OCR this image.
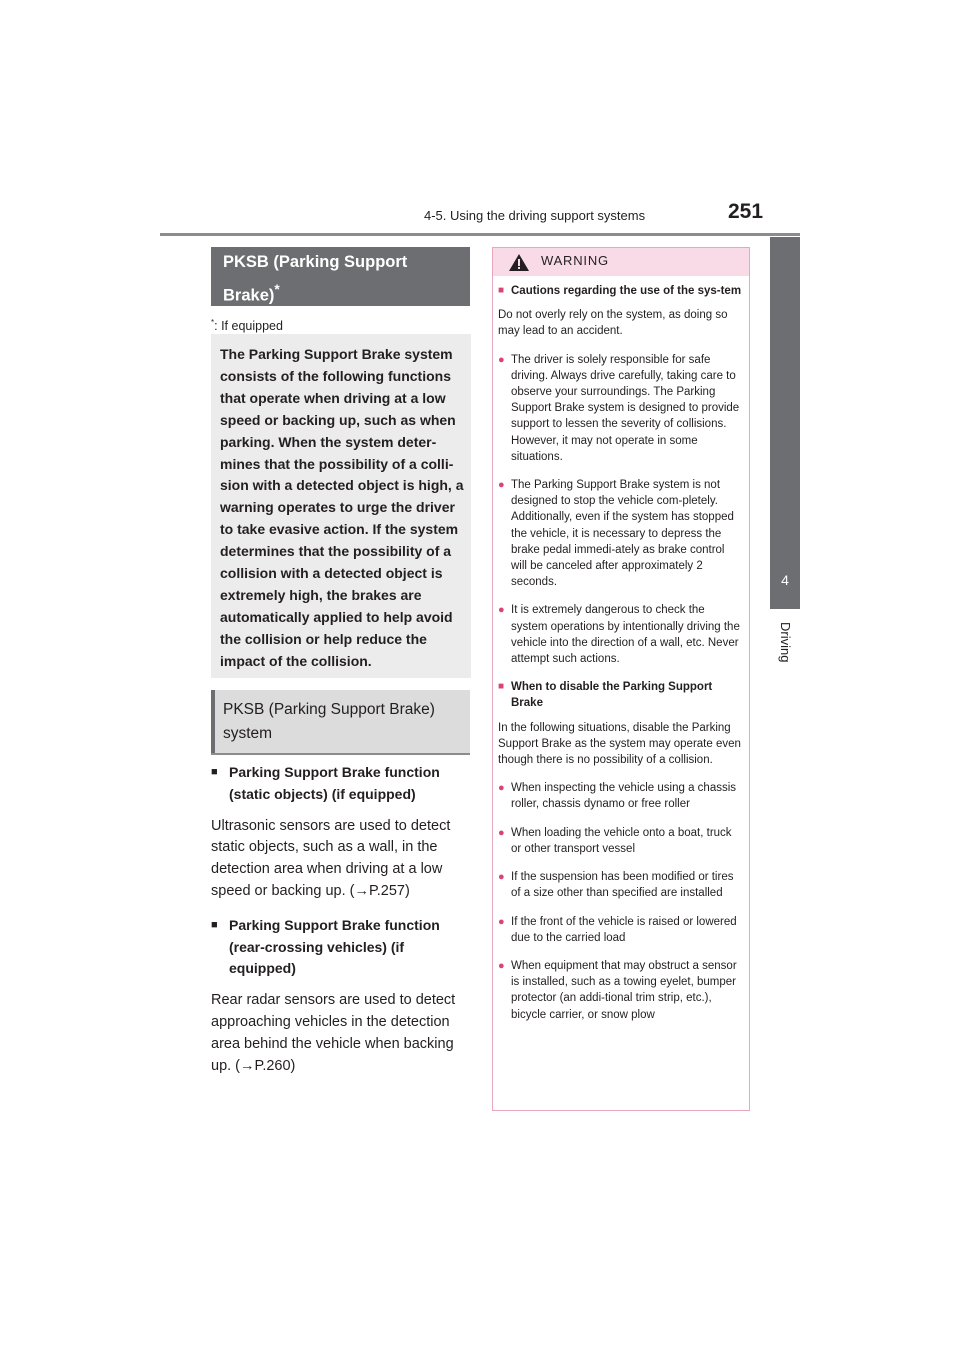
4-5. Using the driving support systems	251
4
Driving
PKSB (Parking Support Brake)*
*: If equipped
The Parking Support Brake system consists of the following functions that operate when driving at a low speed or backing up, such as when parking. When the system deter-mines that the possibility of a colli-sion with a detected object is high, a warning operates to urge the driver to take evasive action. If the system determines that the possibility of a collision with a detected object is extremely high, the brakes are automatically applied to help avoid the collision or help reduce the impact of the collision.
PKSB (Parking Support Brake) system
■ Parking Support Brake function (static objects) (if equipped)
Ultrasonic sensors are used to detect static objects, such as a wall, in the detection area when driving at a low speed or backing up. (→P.257)
■ Parking Support Brake function (rear-crossing vehicles) (if equipped)
Rear radar sensors are used to detect approaching vehicles in the detection area behind the vehicle when backing up. (→P.260)
WARNING
■ Cautions regarding the use of the sys-tem
Do not overly rely on the system, as doing so may lead to an accident.
● The driver is solely responsible for safe driving. Always drive carefully, taking care to observe your surroundings. The Parking Support Brake system is designed to provide support to lessen the severity of collisions. However, it may not operate in some situations.
● The Parking Support Brake system is not designed to stop the vehicle com-pletely. Additionally, even if the system has stopped the vehicle, it is necessary to depress the brake pedal immedi-ately as brake control will be canceled after approximately 2 seconds.
● It is extremely dangerous to check the system operations by intentionally driving the vehicle into the direction of a wall, etc. Never attempt such actions.
■ When to disable the Parking Support Brake
In the following situations, disable the Parking Support Brake as the system may operate even though there is no possibility of a collision.
● When inspecting the vehicle using a chassis roller, chassis dynamo or free roller
● When loading the vehicle onto a boat, truck or other transport vessel
● If the suspension has been modified or tires of a size other than specified are installed
● If the front of the vehicle is raised or lowered due to the carried load
● When equipment that may obstruct a sensor is installed, such as a towing eyelet, bumper protector (an addi-tional trim strip, etc.), bicycle carrier, or snow plow
